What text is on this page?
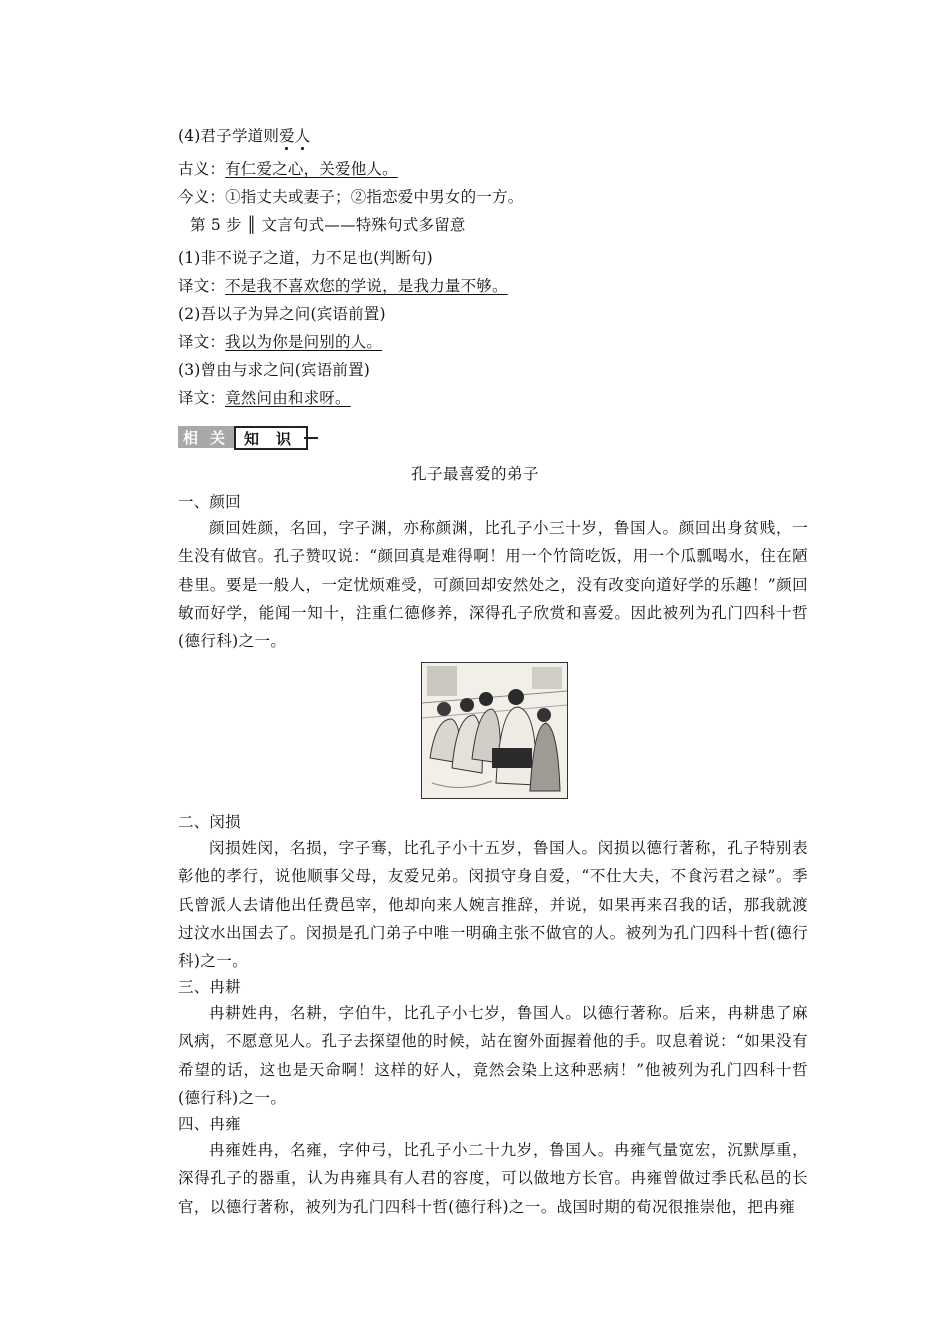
(4)君子学道则爱人
古义：有仁爱之心，关爱他人。
今义：①指丈夫或妻子；②指恋爱中男女的一方。
第 5 步 ║ 文言句式——特殊句式多留意
(1)非不说子之道，力不足也(判断句)
译文：不是我不喜欢您的学说，是我力量不够。
(2)吾以子为异之问(宾语前置)
译文：我以为你是问别的人。
(3)曾由与求之问(宾语前置)
译文：竟然问由和求呀。
相 关 知 识
孔子最喜爱的弟子
一、颜回
颜回姓颜，名回，字子渊，亦称颜渊，比孔子小三十岁，鲁国人。颜回出身贫贱，一生没有做官。孔子赞叹说：“颜回真是难得啊！用一个竹筒吃饭，用一个瓜瓢喝水，住在陋巷里。要是一般人，一定忧烦难受，可颜回却安然处之，没有改变向道好学的乐趣！”颜回敏而好学，能闻一知十，注重仁德修养，深得孔子欣赏和喜爱。因此被列为孔门四科十哲(德行科)之一。
二、闵损
闵损姓闵，名损，字子骞，比孔子小十五岁，鲁国人。闵损以德行著称，孔子特别表彰他的孝行，说他顺事父母，友爱兄弟。闵损守身自爱，“不仕大夫，不食污君之禄”。季氏曾派人去请他出任费邑宰，他却向来人婉言推辞，并说，如果再来召我的话，那我就渡过汶水出国去了。闵损是孔门弟子中唯一明确主张不做官的人。被列为孔门四科十哲(德行科)之一。
三、冉耕
冉耕姓冉，名耕，字伯牛，比孔子小七岁，鲁国人。以德行著称。后来，冉耕患了麻风病，不愿意见人。孔子去探望他的时候，站在窗外面握着他的手。叹息着说：“如果没有希望的话，这也是天命啊！这样的好人，竟然会染上这种恶病！”他被列为孔门四科十哲(德行科)之一。
四、冉雍
冉雍姓冉，名雍，字仲弓，比孔子小二十九岁，鲁国人。冉雍气量宽宏，沉默厚重，深得孔子的器重，认为冉雍具有人君的容度，可以做地方长官。冉雍曾做过季氏私邑的长官，以德行著称，被列为孔门四科十哲(德行科)之一。战国时期的荀况很推崇他，把冉雍
